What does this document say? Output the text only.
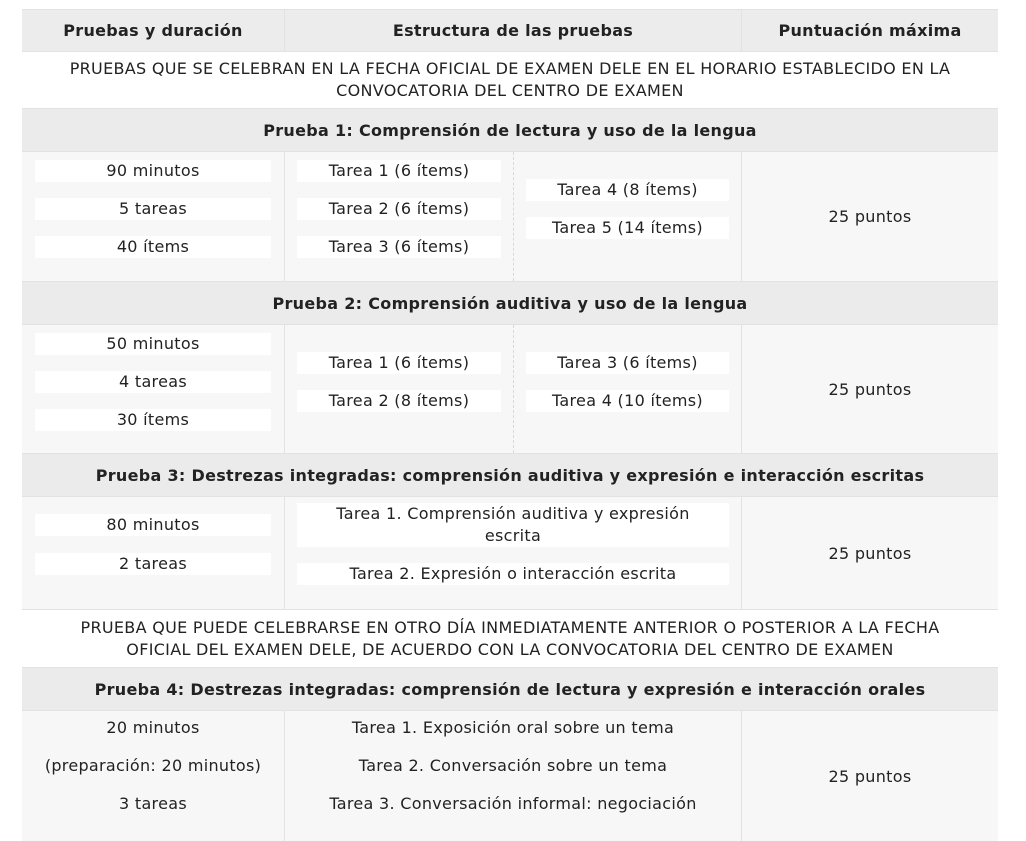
Pruebas y duración	Estructura de las pruebas	Puntuación máxima
PRUEBAS QUE SE CELEBRAN EN LA FECHA OFICIAL DE EXAMEN DELE EN EL HORARIO ESTABLECIDO EN LA CONVOCATORIA DEL CENTRO DE EXAMEN
Prueba 1: Comprensión de lectura y uso de la lengua
90 minutos
5 tareas
40 ítems
Tarea 1 (6 ítems)
Tarea 2 (6 ítems)
Tarea 3 (6 ítems)
Tarea 4 (8 ítems)
Tarea 5 (14 ítems)
25 puntos
Prueba 2: Comprensión auditiva y uso de la lengua
50 minutos
4 tareas
30 ítems
Tarea 1 (6 ítems)
Tarea 2 (8 ítems)
Tarea 3 (6 ítems)
Tarea 4 (10 ítems)
25 puntos
Prueba 3: Destrezas integradas: comprensión auditiva y expresión e interacción escritas
80 minutos
2 tareas
Tarea 1. Comprensión auditiva y expresión escrita
Tarea 2. Expresión o interacción escrita
25 puntos
PRUEBA QUE PUEDE CELEBRARSE EN OTRO DÍA INMEDIATAMENTE ANTERIOR O POSTERIOR A LA FECHA OFICIAL DEL EXAMEN DELE, DE ACUERDO CON LA CONVOCATORIA DEL CENTRO DE EXAMEN
Prueba 4: Destrezas integradas: comprensión de lectura y expresión e interacción orales
20 minutos
(preparación: 20 minutos)
3 tareas
Tarea 1. Exposición oral sobre un tema
Tarea 2. Conversación sobre un tema
Tarea 3. Conversación informal: negociación
25 puntos
